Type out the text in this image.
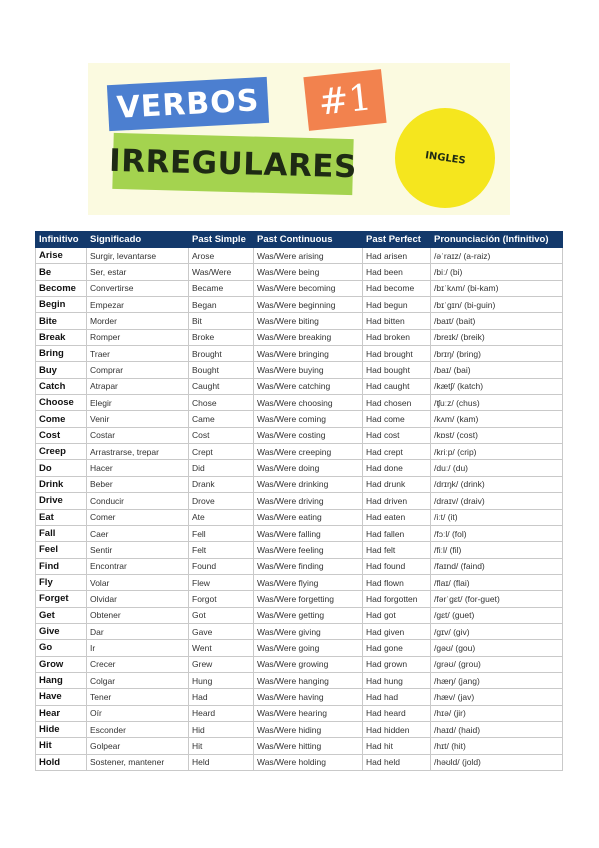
VERBOS #1
IRREGULARES	INGLES
Infinitivo	Significado	Past Simple	Past Continuous	Past Perfect	Pronunciación (Infinitivo)
Arise	Surgir, levantarse	Arose	Was/Were arising	Had arisen	/əˈraɪz/ (a-raiz)
Be	Ser, estar	Was/Were	Was/Were being	Had been	/biː/ (bi)
Become	Convertirse	Became	Was/Were becoming	Had become	/bɪˈkʌm/ (bi-kam)
Begin	Empezar	Began	Was/Were beginning	Had begun	/bɪˈgɪn/ (bi-guin)
Bite	Morder	Bit	Was/Were biting	Had bitten	/baɪt/ (bait)
Break	Romper	Broke	Was/Were breaking	Had broken	/breɪk/ (breik)
Bring	Traer	Brought	Was/Were bringing	Had brought	/brɪŋ/ (bring)
Buy	Comprar	Bought	Was/Were buying	Had bought	/baɪ/ (bai)
Catch	Atrapar	Caught	Was/Were catching	Had caught	/kætʃ/ (katch)
Choose	Elegir	Chose	Was/Were choosing	Had chosen	/ʧuːz/ (chus)
Come	Venir	Came	Was/Were coming	Had come	/kʌm/ (kam)
Cost	Costar	Cost	Was/Were costing	Had cost	/kɒst/ (cost)
Creep	Arrastrarse, trepar	Crept	Was/Were creeping	Had crept	/kriːp/ (crip)
Do	Hacer	Did	Was/Were doing	Had done	/duː/ (du)
Drink	Beber	Drank	Was/Were drinking	Had drunk	/drɪŋk/ (drink)
Drive	Conducir	Drove	Was/Were driving	Had driven	/draɪv/ (draiv)
Eat	Comer	Ate	Was/Were eating	Had eaten	/iːt/ (it)
Fall	Caer	Fell	Was/Were falling	Had fallen	/fɔːl/ (fol)
Feel	Sentir	Felt	Was/Were feeling	Had felt	/fiːl/ (fil)
Find	Encontrar	Found	Was/Were finding	Had found	/faɪnd/ (faind)
Fly	Volar	Flew	Was/Were flying	Had flown	/flaɪ/ (flai)
Forget	Olvidar	Forgot	Was/Were forgetting	Had forgotten	/fərˈgɛt/ (for-guet)
Get	Obtener	Got	Was/Were getting	Had got	/gɛt/ (guet)
Give	Dar	Gave	Was/Were giving	Had given	/gɪv/ (giv)
Go	Ir	Went	Was/Were going	Had gone	/gəʊ/ (gou)
Grow	Crecer	Grew	Was/Were growing	Had grown	/grəʊ/ (grou)
Hang	Colgar	Hung	Was/Were hanging	Had hung	/hæŋ/ (jang)
Have	Tener	Had	Was/Were having	Had had	/hæv/ (jav)
Hear	Oír	Heard	Was/Were hearing	Had heard	/hɪə/ (jir)
Hide	Esconder	Hid	Was/Were hiding	Had hidden	/haɪd/ (haid)
Hit	Golpear	Hit	Was/Were hitting	Had hit	/hɪt/ (hit)
Hold	Sostener, mantener	Held	Was/Were holding	Had held	/həʊld/ (jold)
